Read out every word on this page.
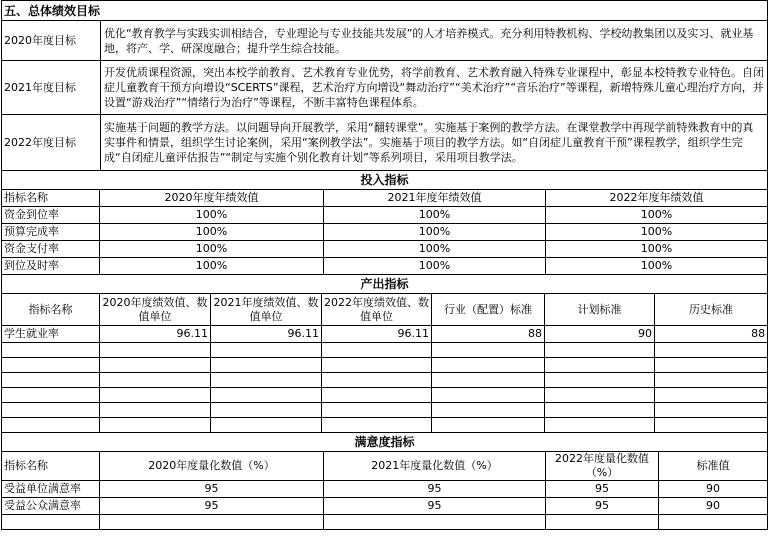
五、总体绩效目标	
2020年度目标	优化“教育教学与实践实训相结合，专业理论与专业技能共发展”的人才培养模式。充分利用特教机构、学校幼教集团以及实习、就业基地，将产、学、研深度融合；提升学生综合技能。
2021年度目标	开发优质课程资源，突出本校学前教育、艺术教育专业优势，将学前教育、艺术教育融入特殊专业课程中，彰显本校特教专业特色。自闭症儿童教育干预方向增设“SCERTS”课程，艺术治疗方向增设“舞动治疗”“美术治疗”“音乐治疗”等课程，新增特殊儿童心理治疗方向，并设置“游戏治疗”“情绪行为治疗”等课程，不断丰富特色课程体系。
2022年度目标	实施基于问题的教学方法。以问题导向开展教学，采用“翻转课堂”。实施基于案例的教学方法。在课堂教学中再现学前特殊教育中的真实事件和情景，组织学生讨论案例，采用“案例教学法”。实施基于项目的教学方法。如“自闭症儿童教育干预”课程教学，组织学生完成“自闭症儿童评估报告”“制定与实施个别化教育计划”等系列项目，采用项目教学法。
投入指标			
指标名称	2020年度年绩效值	2021年度年绩效值	2022年度年绩效值
资金到位率	100%	100%	100%
预算完成率	100%	100%	100%
资金支付率	100%	100%	100%
到位及时率	100%	100%	100%
产出指标						
指标名称	2020年度绩效值、数值单位	2021年度绩效值、数值单位	2022年度绩效值、数值单位	行业（配置）标准	计划标准	历史标准
学生就业率	96.11	96.11	96.11	88	90	88

满意度指标				
指标名称	2020年度量化数值（%）	2021年度量化数值（%）	2022年度量化数值（%）	标准值
受益单位满意率	95	95	95	90
受益公众满意率	95	95	95	90
